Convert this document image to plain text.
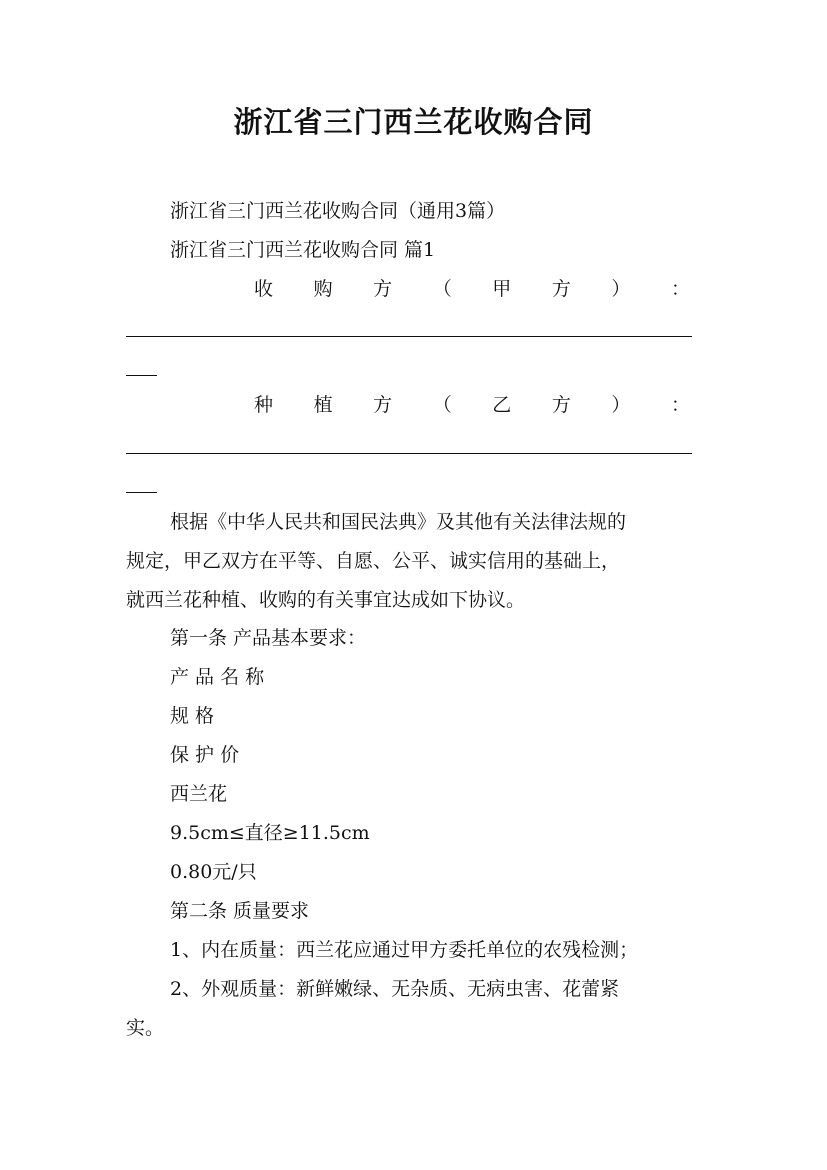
浙江省三门西兰花收购合同
浙江省三门西兰花收购合同（通用3篇）
浙江省三门西兰花收购合同 篇1
收 购 方 （ 甲 方 ） ：
种 植 方 （ 乙 方 ） ：
根据《中华人民共和国民法典》及其他有关法律法规的
规定，甲乙双方在平等、自愿、公平、诚实信用的基础上，
就西兰花种植、收购的有关事宜达成如下协议。
第一条 产品基本要求：
产 品 名 称
规 格
保 护 价
西兰花
9.5cm≤直径≥11.5cm
0.80元/只
第二条 质量要求
1、内在质量：西兰花应通过甲方委托单位的农残检测；
2、外观质量：新鲜嫩绿、无杂质、无病虫害、花蕾紧
实。
